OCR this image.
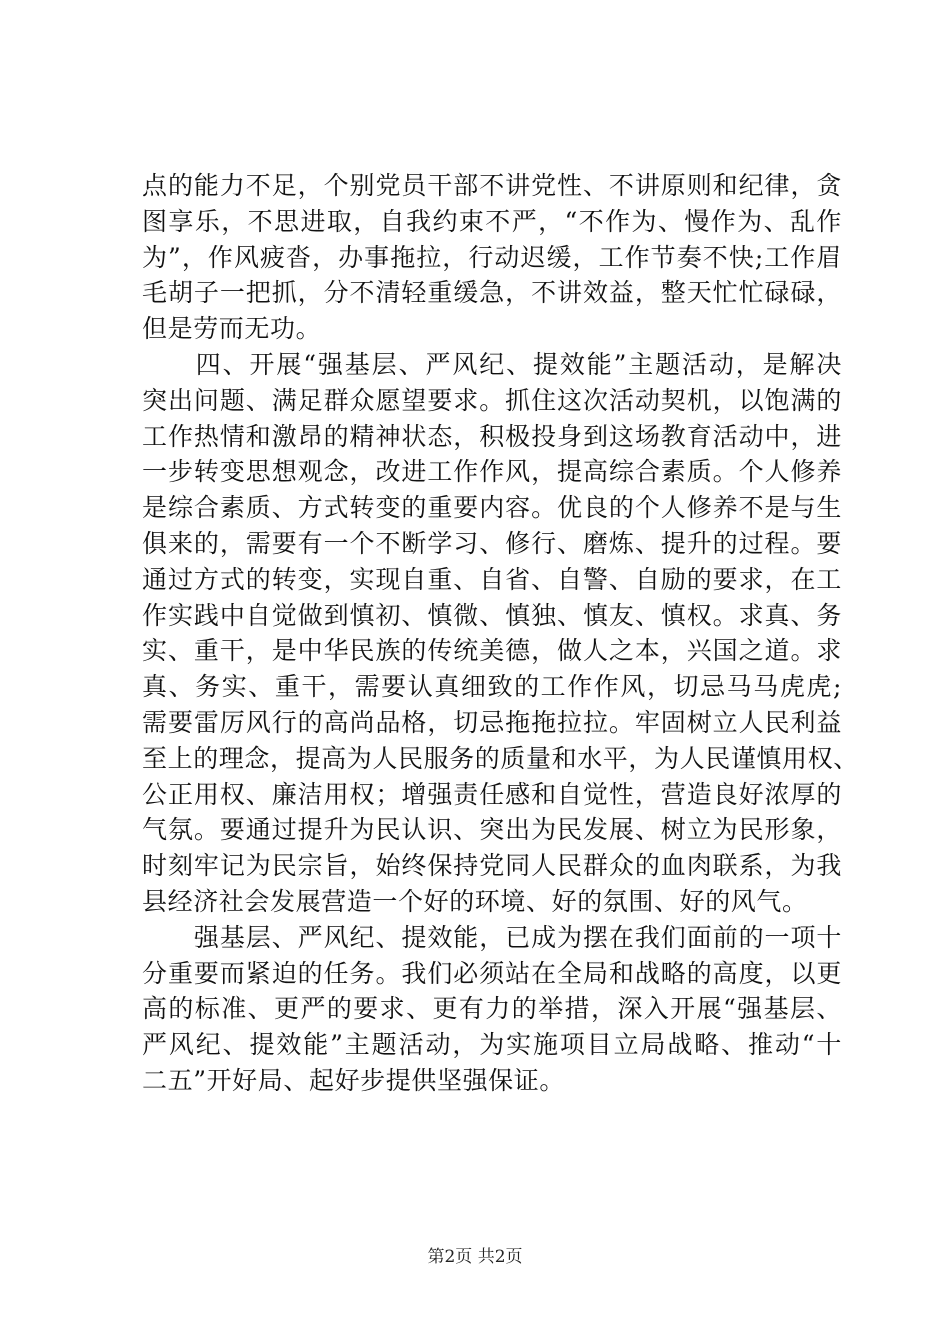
点的能力不足，个别党员干部不讲党性、不讲原则和纪律，贪
图享乐，不思进取，自我约束不严，“不作为、慢作为、乱作
为”，作风疲沓，办事拖拉，行动迟缓，工作节奏不快;工作眉
毛胡子一把抓，分不清轻重缓急，不讲效益，整天忙忙碌碌，
但是劳而无功。
　　四、开展“强基层、严风纪、提效能”主题活动，是解决
突出问题、满足群众愿望要求。抓住这次活动契机，以饱满的
工作热情和激昂的精神状态，积极投身到这场教育活动中，进
一步转变思想观念，改进工作作风，提高综合素质。个人修养
是综合素质、方式转变的重要内容。优良的个人修养不是与生
俱来的，需要有一个不断学习、修行、磨炼、提升的过程。要
通过方式的转变，实现自重、自省、自警、自励的要求，在工
作实践中自觉做到慎初、慎微、慎独、慎友、慎权。求真、务
实、重干，是中华民族的传统美德，做人之本，兴国之道。求
真、务实、重干，需要认真细致的工作作风，切忌马马虎虎;
需要雷厉风行的高尚品格，切忌拖拖拉拉。牢固树立人民利益
至上的理念，提高为人民服务的质量和水平，为人民谨慎用权、
公正用权、廉洁用权；增强责任感和自觉性，营造良好浓厚的
气氛。要通过提升为民认识、突出为民发展、树立为民形象，
时刻牢记为民宗旨，始终保持党同人民群众的血肉联系，为我
县经济社会发展营造一个好的环境、好的氛围、好的风气。
　　强基层、严风纪、提效能，已成为摆在我们面前的一项十
分重要而紧迫的任务。我们必须站在全局和战略的高度，以更
高的标准、更严的要求、更有力的举措，深入开展“强基层、
严风纪、提效能”主题活动，为实施项目立局战略、推动“十
二五”开好局、起好步提供坚强保证。
第2页 共2页
